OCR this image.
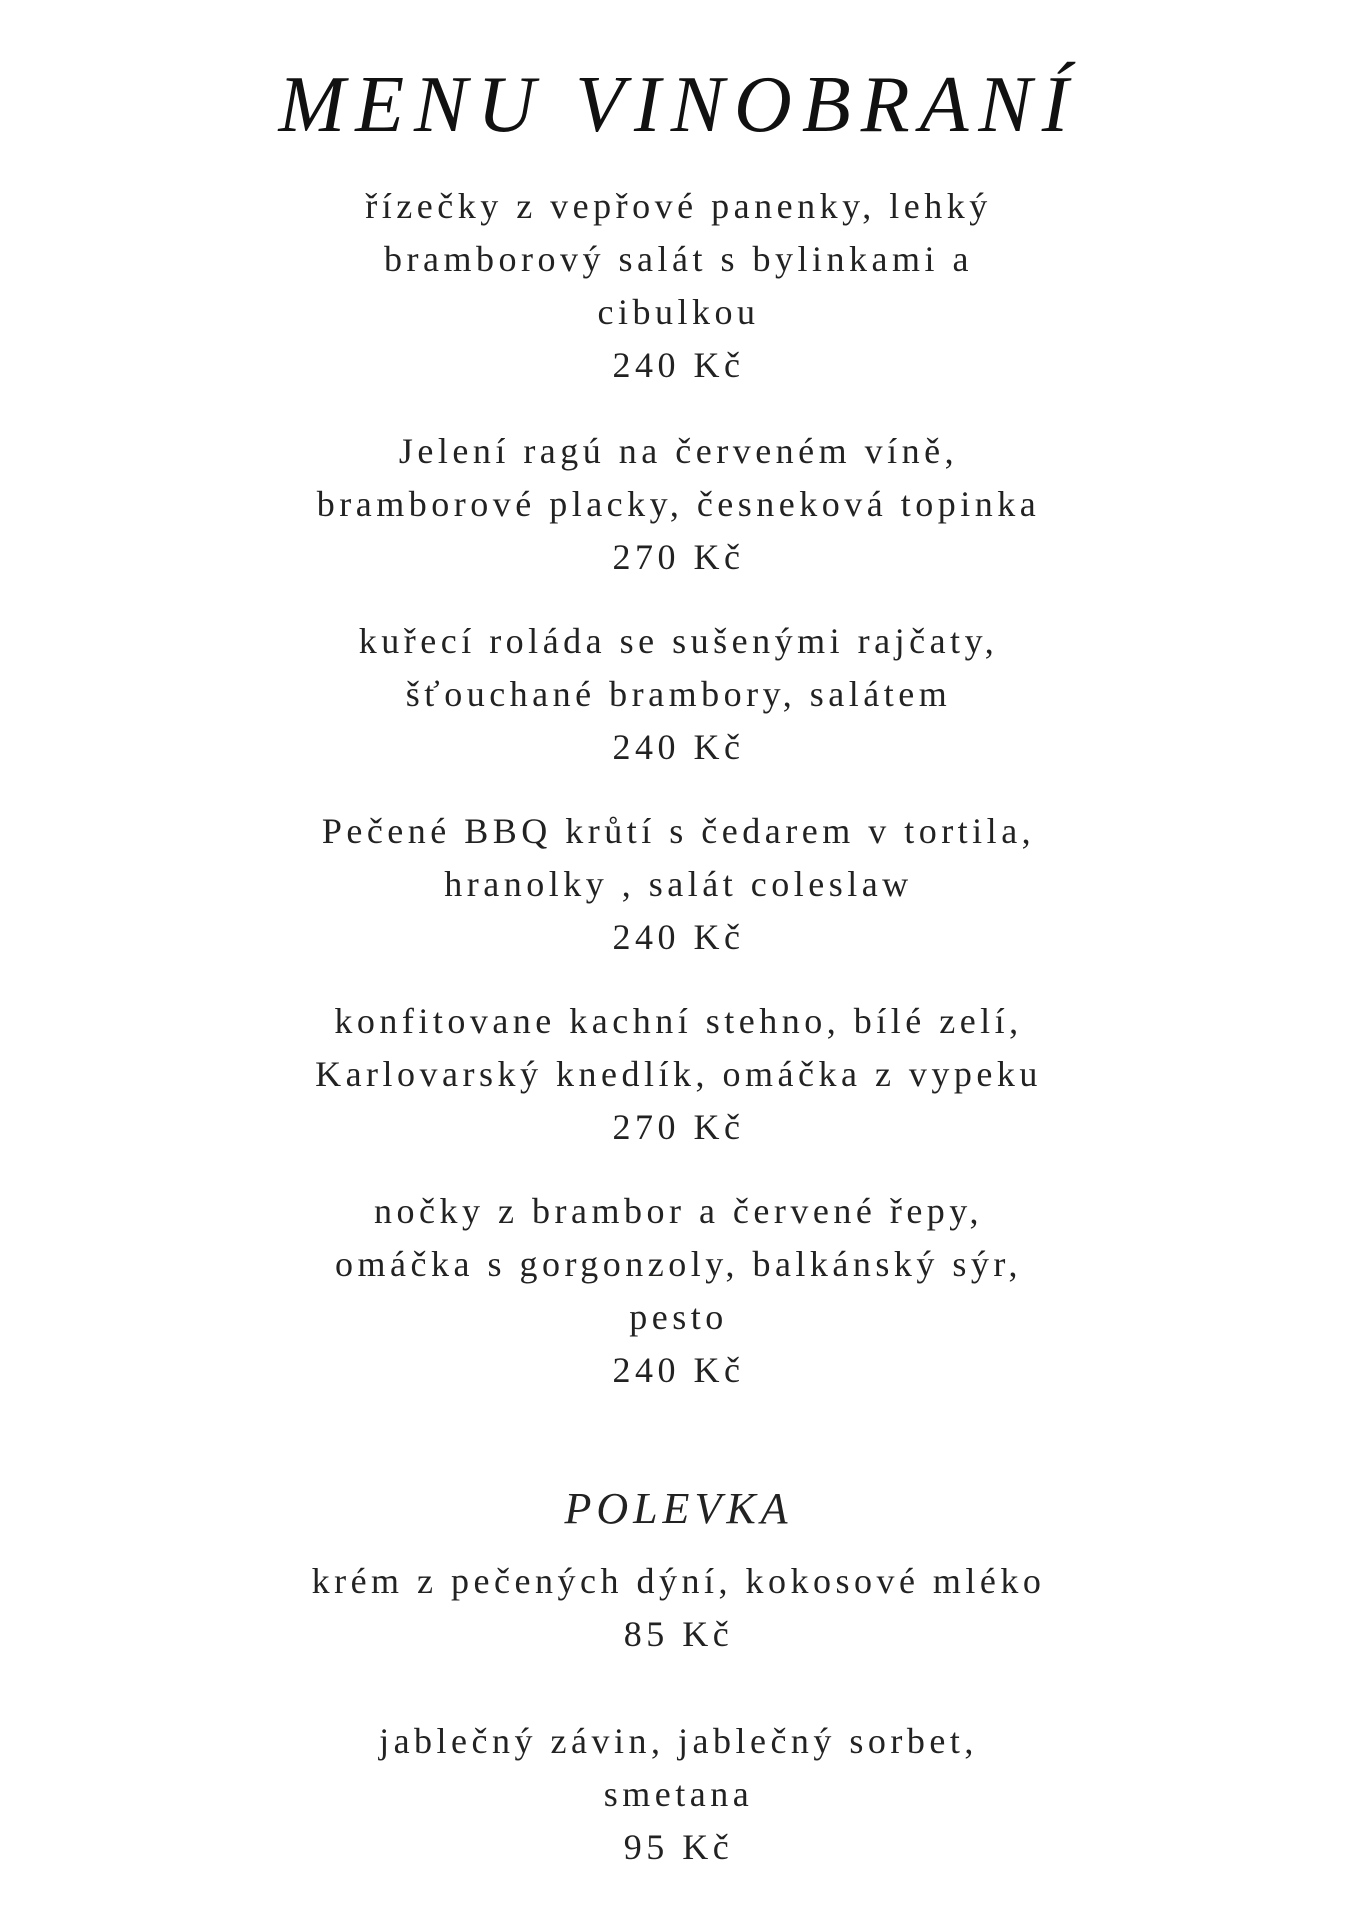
MENU VINOBRANÍ
řízečky z vepřové panenky, lehký
bramborový salát s bylinkami a
cibulkou
240 Kč
Jelení ragú na červeném víně,
bramborové placky, česneková topinka
270 Kč
kuřecí roláda se sušenými rajčaty,
šťouchané brambory, salátem
240 Kč
Pečené BBQ krůtí s čedarem v tortila,
hranolky , salát coleslaw
240 Kč
konfitovane kachní stehno, bílé zelí,
Karlovarský knedlík, omáčka z vypeku
270 Kč
nočky z brambor a červené řepy,
omáčka s gorgonzoly, balkánský sýr,
pesto
240 Kč
POLEVKA
krém z pečených dýní, kokosové mléko
85 Kč
jablečný závin, jablečný sorbet,
smetana
95 Kč
